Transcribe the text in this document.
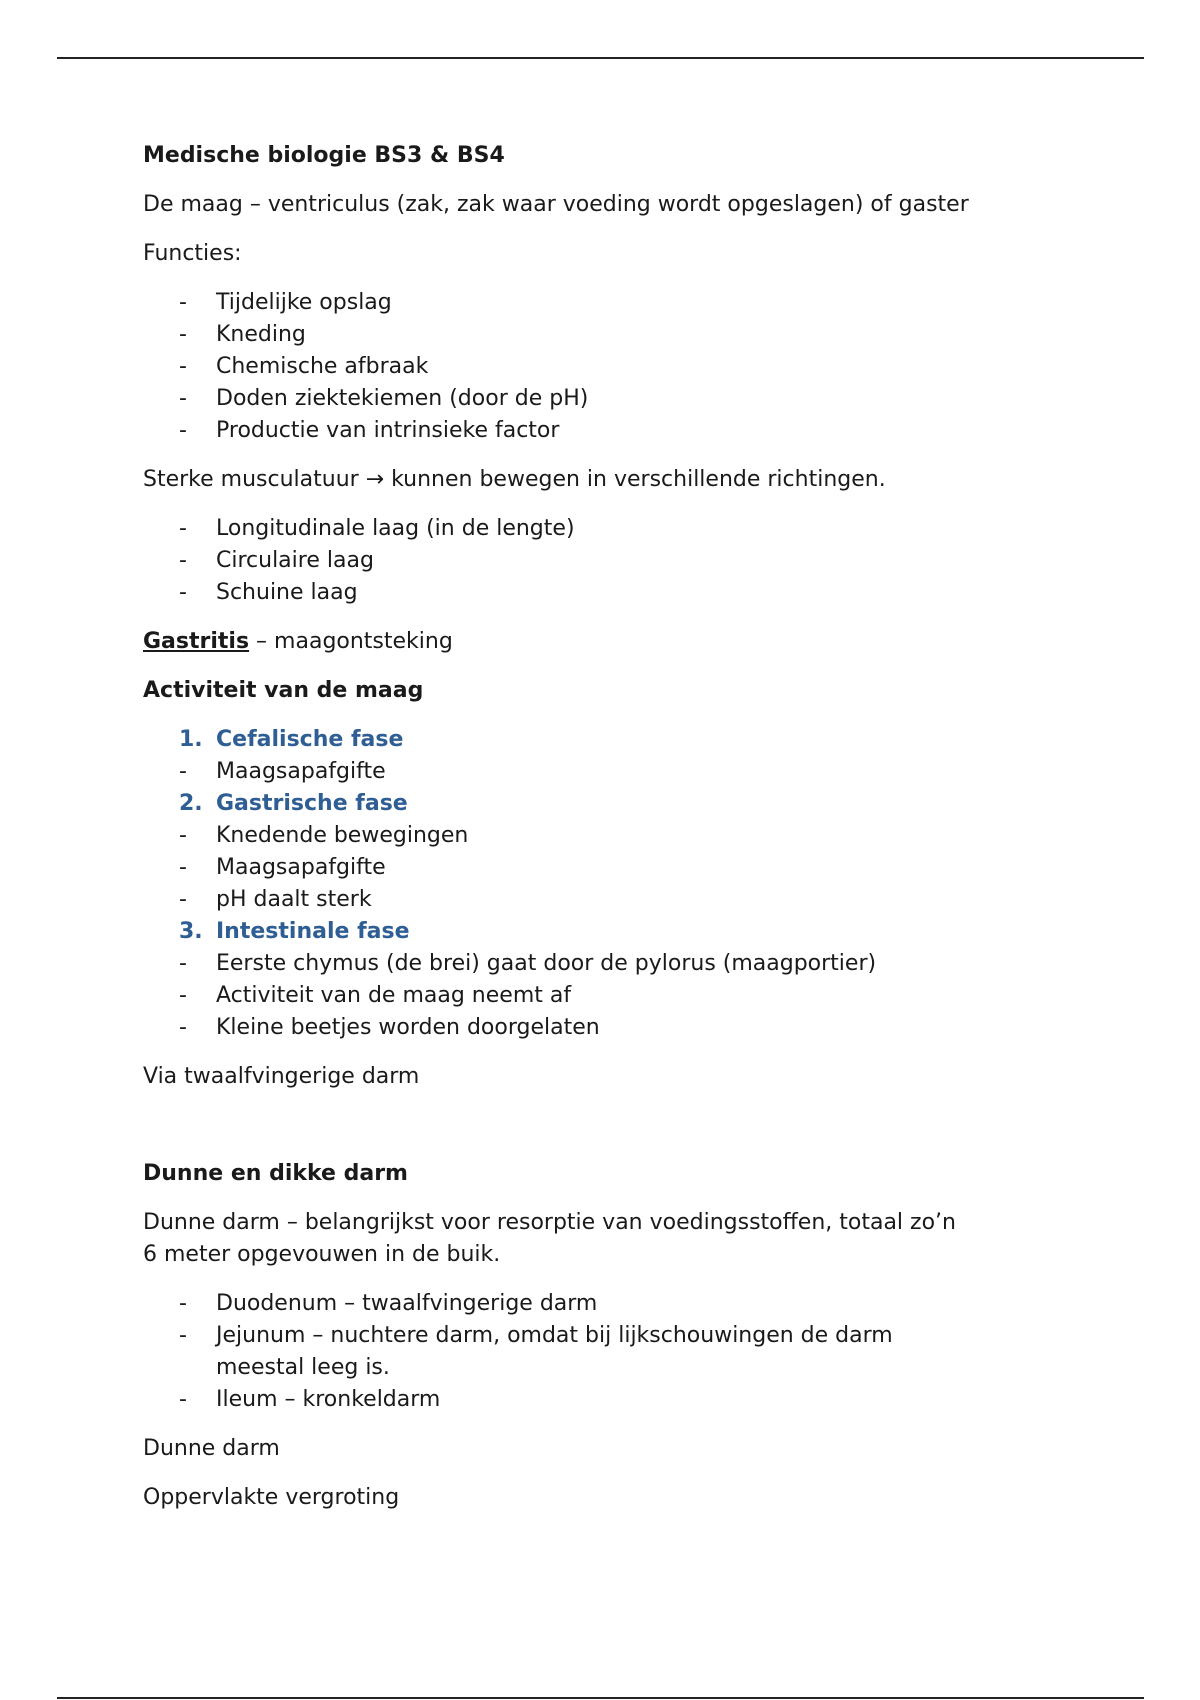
Medische biologie BS3 & BS4

De maag – ventriculus (zak, zak waar voeding wordt opgeslagen) of gaster

Functies:

- Tijdelijke opslag
- Kneding
- Chemische afbraak
- Doden ziektekiemen (door de pH)
- Productie van intrinsieke factor

Sterke musculatuur → kunnen bewegen in verschillende richtingen.

- Longitudinale laag (in de lengte)
- Circulaire laag
- Schuine laag

Gastritis – maagontsteking

Activiteit van de maag

1. Cefalische fase
- Maagsapafgifte
2. Gastrische fase
- Knedende bewegingen
- Maagsapafgifte
- pH daalt sterk
3. Intestinale fase
- Eerste chymus (de brei) gaat door de pylorus (maagportier)
- Activiteit van de maag neemt af
- Kleine beetjes worden doorgelaten

Via twaalfvingerige darm

Dunne en dikke darm

Dunne darm – belangrijkst voor resorptie van voedingsstoffen, totaal zo’n

6 meter opgevouwen in de buik.

- Duodenum – twaalfvingerige darm
- Jejunum – nuchtere darm, omdat bij lijkschouwingen de darm
meestal leeg is.
- Ileum – kronkeldarm

Dunne darm

Oppervlakte vergroting
